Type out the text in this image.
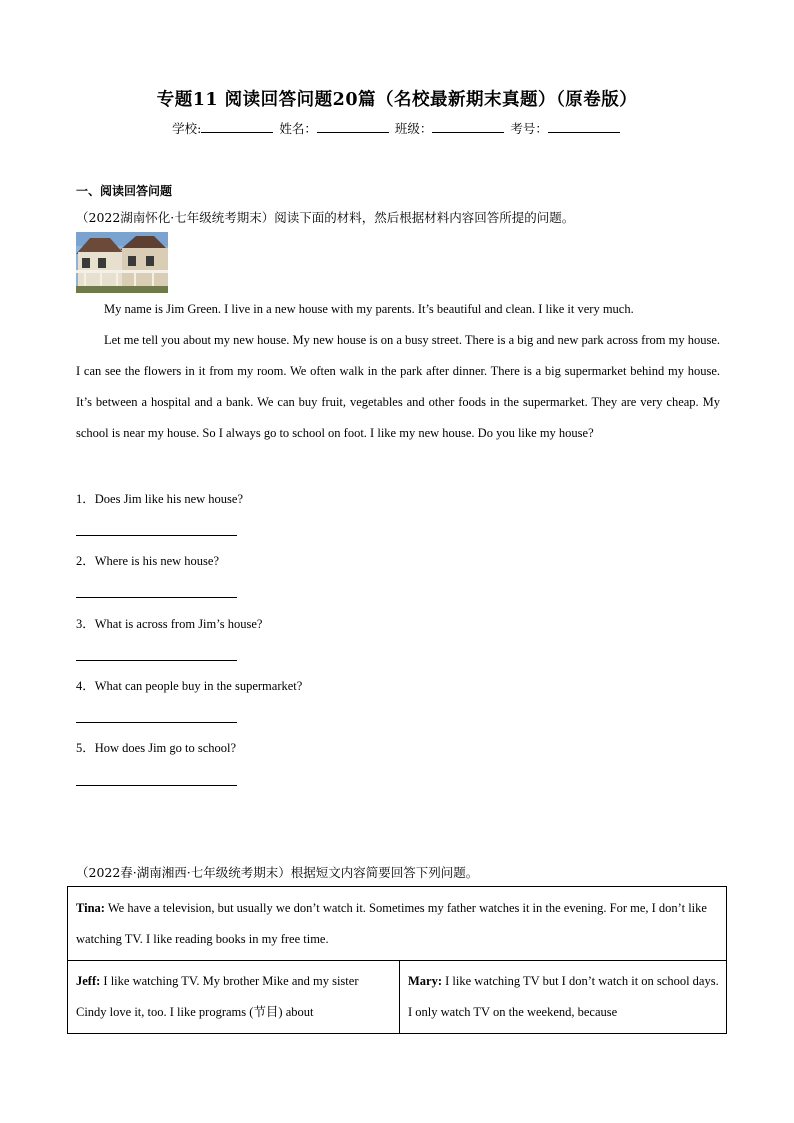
专题11 阅读回答问题20篇（名校最新期末真题）（原卷版）
学校:	姓名：	班级：	考号：
一、阅读回答问题
（2022湖南怀化·七年级统考期末）阅读下面的材料，然后根据材料内容回答所提的问题。
My name is Jim Green. I live in a new house with my parents. It’s beautiful and clean. I like it very much.
Let me tell you about my new house. My new house is on a busy street. There is a big and new park across from my house. I can see the flowers in it from my room. We often walk in the park after dinner. There is a big supermarket behind my house. It’s between a hospital and a bank. We can buy fruit, vegetables and other foods in the supermarket. They are very cheap. My school is near my house. So I always go to school on foot. I like my new house. Do you like my house?
1．Does Jim like his new house?
2．Where is his new house?
3．What is across from Jim’s house?
4．What can people buy in the supermarket?
5．How does Jim go to school?
（2022春·湖南湘西·七年级统考期末）根据短文内容简要回答下列问题。
Tina: We have a television, but usually we don’t watch it. Sometimes my father watches it in the evening. For me, I don’t like watching TV. I like reading books in my free time.
Jeff: I like watching TV. My brother Mike and my sister Cindy love it, too. I like programs (节目) about
Mary: I like watching TV but I don’t watch it on school days. I only watch TV on the weekend, because
